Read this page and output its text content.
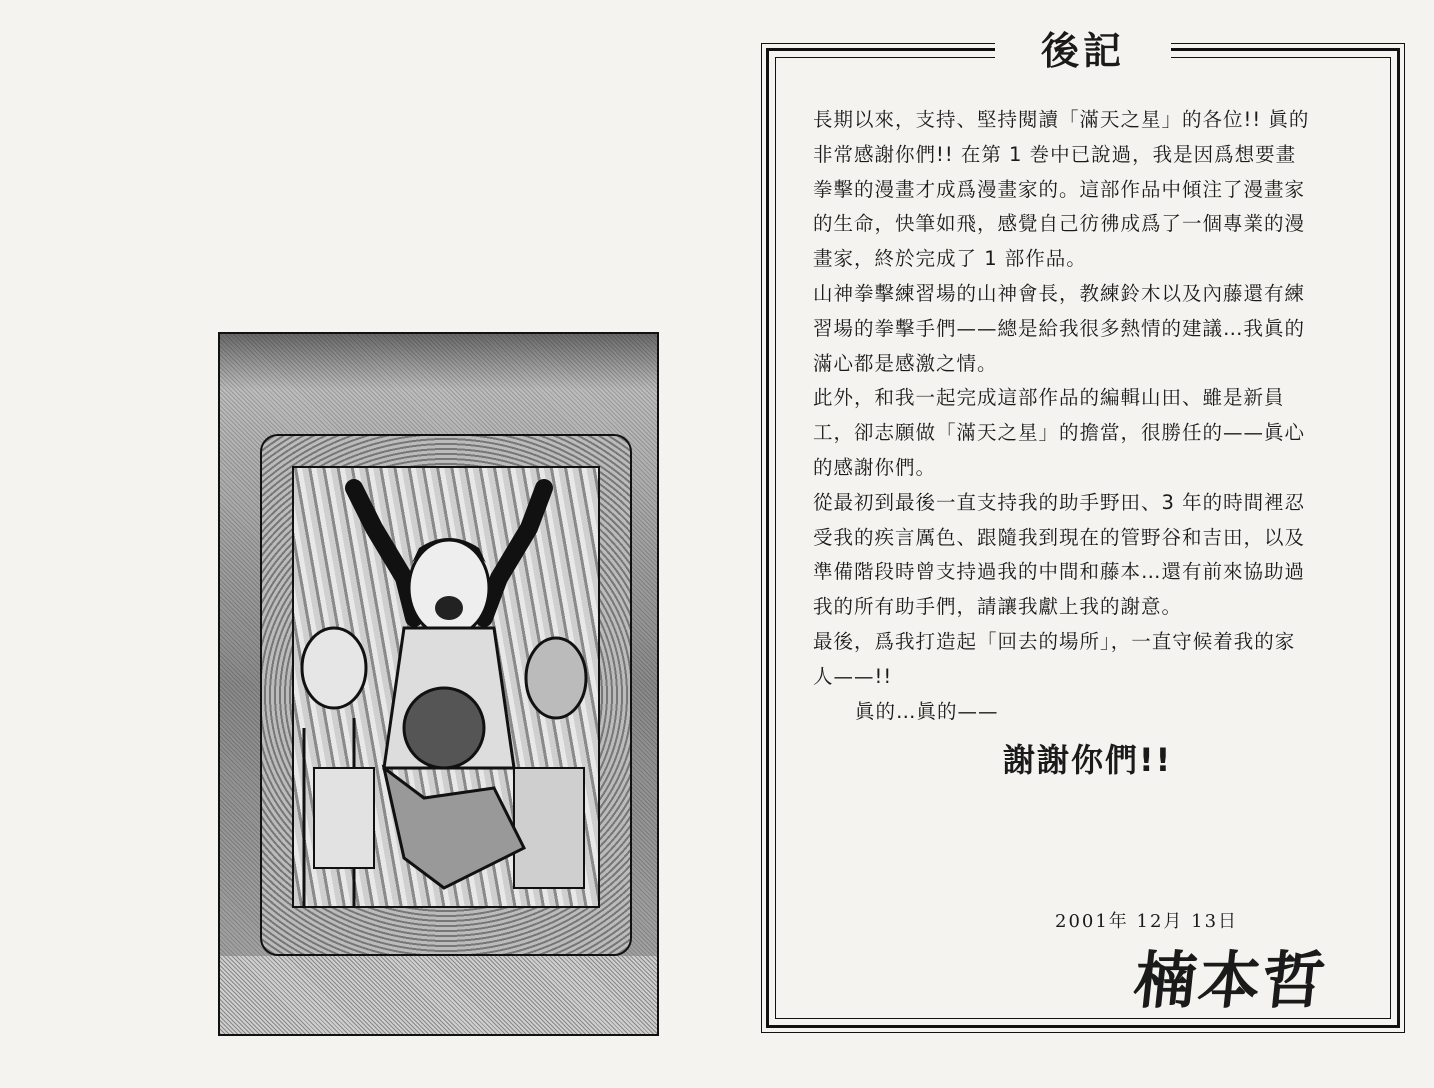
後記

長期以來，支持、堅持閱讀「滿天之星」的各位!! 眞的非常感謝你們!! 在第 1 巻中已說過，我是因爲想要畫拳擊的漫畫才成爲漫畫家的。這部作品中傾注了漫畫家的生命，快筆如飛，感覺自己彷彿成爲了一個專業的漫畫家，終於完成了 1 部作品。

山神拳擊練習場的山神會長，教練鈴木以及內藤還有練習場的拳擊手們——總是給我很多熱情的建議…我眞的滿心都是感激之情。

此外，和我一起完成這部作品的編輯山田、雖是新員工，卻志願做「滿天之星」的擔當，很勝任的——眞心的感謝你們。

從最初到最後一直支持我的助手野田、3 年的時間裡忍受我的疾言厲色、跟隨我到現在的管野谷和吉田，以及準備階段時曾支持過我的中間和藤本…還有前來協助過我的所有助手們，請讓我獻上我的謝意。

最後，爲我打造起「回去的場所」，一直守候着我的家人——!!

眞的…眞的——

謝謝你們!!
2001年 12月 13日
楠本哲
